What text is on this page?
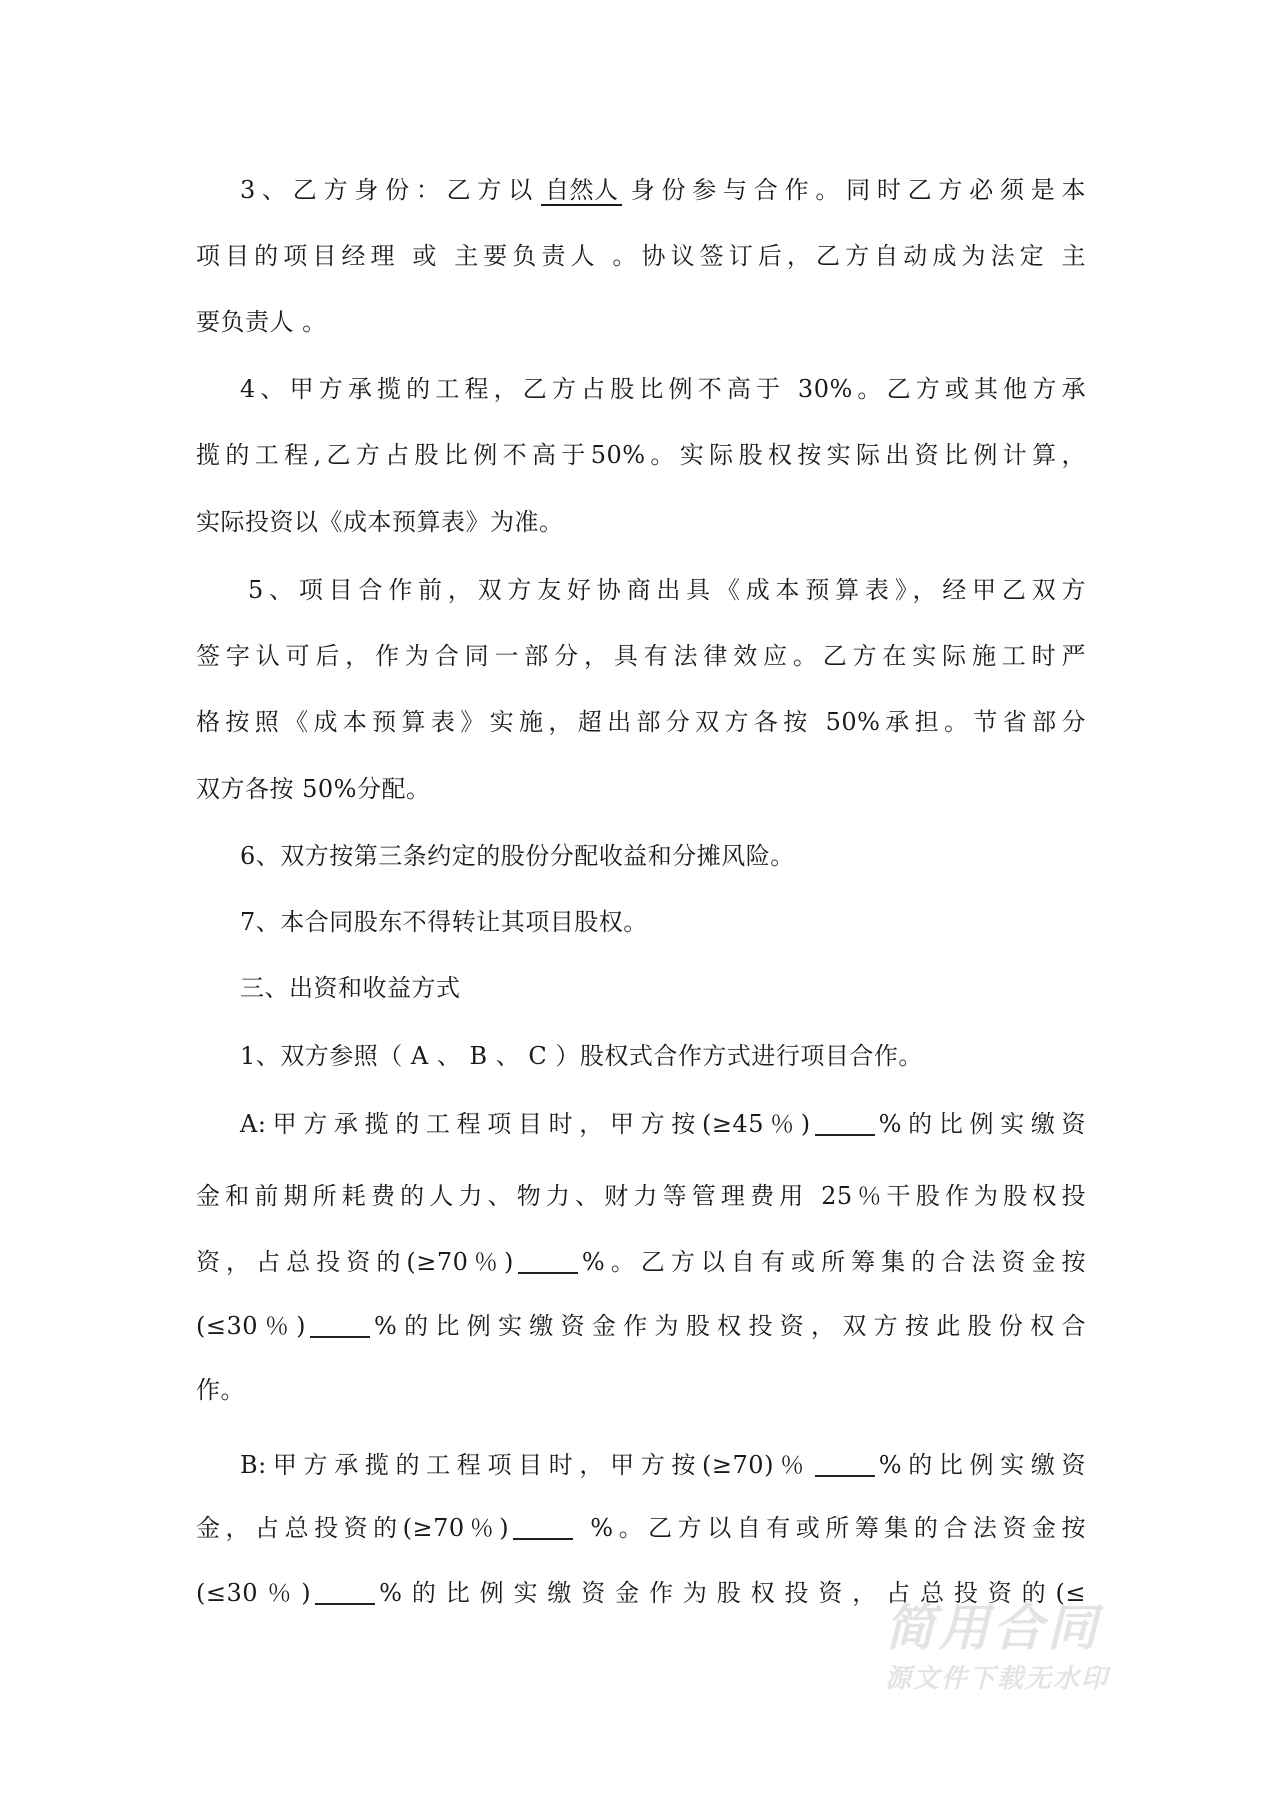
3、乙方身份：乙方以 自然人 身份参与合作。同时乙方必须是本
项目的项目经理 或 主要负责人 。协议签订后，乙方自动成为法定 主
要负责人 。
4、甲方承揽的工程，乙方占股比例不高于 30%。乙方或其他方承
揽的工程,乙方占股比例不高于50%。实际股权按实际出资比例计算，
实际投资以《成本预算表》为准。
5、项目合作前，双方友好协商出具《成本预算表》，经甲乙双方
签字认可后，作为合同一部分，具有法律效应。乙方在实际施工时严
格按照《成本预算表》实施，超出部分双方各按 50%承担。节省部分
双方各按 50%分配。
6、双方按第三条约定的股份分配收益和分摊风险。
7、本合同股东不得转让其项目股权。
三、出资和收益方式
1、双方参照（ A 、 B 、 C ）股权式合作方式进行项目合作。
A:甲方承揽的工程项目时，甲方按(≥45％)	%的比例实缴资
金和前期所耗费的人力、物力、财力等管理费用 25％干股作为股权投
资，占总投资的(≥70％)	%。乙方以自有或所筹集的合法资金按
(≤30％)	%的比例实缴资金作为股权投资，双方按此股份权合
作。
B:甲方承揽的工程项目时，甲方按(≥70)％	%的比例实缴资
金，占总投资的(≥70％)	%。乙方以自有或所筹集的合法资金按
(≤30％)	%的比例实缴资金作为股权投资，占总投资的(≤
简用合同
源文件下载无水印
